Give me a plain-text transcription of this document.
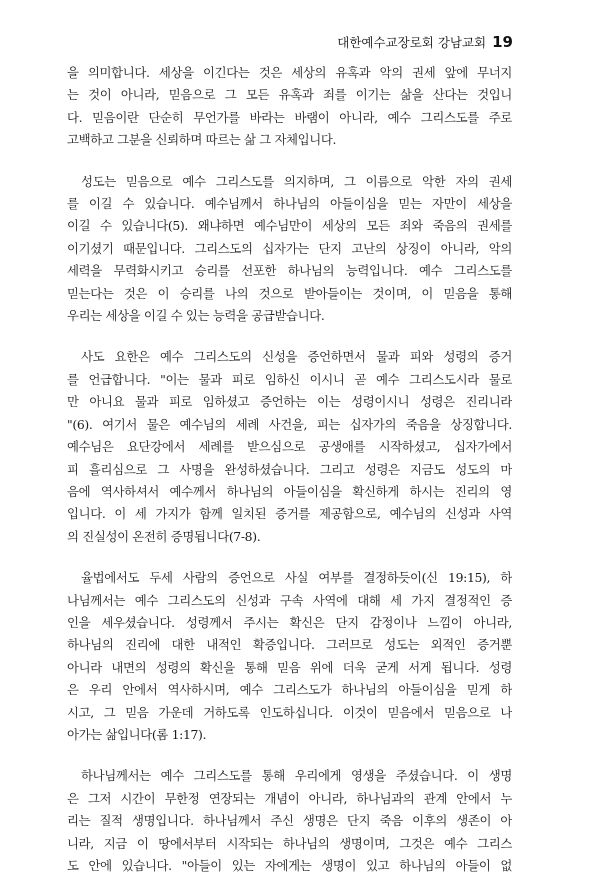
대한예수교장로회 강남교회 19
을 의미합니다. 세상을 이긴다는 것은 세상의 유혹과 악의 권세 앞에 무너지
는 것이 아니라, 믿음으로 그 모든 유혹과 죄를 이기는 삶을 산다는 것입니
다. 믿음이란 단순히 무언가를 바라는 바램이 아니라, 예수 그리스도를 주로
고백하고 그분을 신뢰하며 따르는 삶 그 자체입니다.
성도는 믿음으로 예수 그리스도를 의지하며, 그 이름으로 악한 자의 권세
를 이길 수 있습니다. 예수님께서 하나님의 아들이심을 믿는 자만이 세상을
이길 수 있습니다(5). 왜냐하면 예수님만이 세상의 모든 죄와 죽음의 권세를
이기셨기 때문입니다. 그리스도의 십자가는 단지 고난의 상징이 아니라, 악의
세력을 무력화시키고 승리를 선포한 하나님의 능력입니다. 예수 그리스도를
믿는다는 것은 이 승리를 나의 것으로 받아들이는 것이며, 이 믿음을 통해
우리는 세상을 이길 수 있는 능력을 공급받습니다.
사도 요한은 예수 그리스도의 신성을 증언하면서 물과 피와 성령의 증거
를 언급합니다. "이는 물과 피로 임하신 이시니 곧 예수 그리스도시라 물로
만 아니요 물과 피로 임하셨고 증언하는 이는 성령이시니 성령은 진리니라
"(6). 여기서 물은 예수님의 세례 사건을, 피는 십자가의 죽음을 상징합니다.
예수님은 요단강에서 세례를 받으심으로 공생애를 시작하셨고, 십자가에서
피 흘리심으로 그 사명을 완성하셨습니다. 그리고 성령은 지금도 성도의 마
음에 역사하셔서 예수께서 하나님의 아들이심을 확신하게 하시는 진리의 영
입니다. 이 세 가지가 함께 일치된 증거를 제공함으로, 예수님의 신성과 사역
의 진실성이 온전히 증명됩니다(7-8).
율법에서도 두세 사람의 증언으로 사실 여부를 결정하듯이(신 19:15), 하
나님께서는 예수 그리스도의 신성과 구속 사역에 대해 세 가지 결정적인 증
인을 세우셨습니다. 성령께서 주시는 확신은 단지 감정이나 느낌이 아니라,
하나님의 진리에 대한 내적인 확증입니다. 그러므로 성도는 외적인 증거뿐
아니라 내면의 성령의 확신을 통해 믿음 위에 더욱 굳게 서게 됩니다. 성령
은 우리 안에서 역사하시며, 예수 그리스도가 하나님의 아들이심을 믿게 하
시고, 그 믿음 가운데 거하도록 인도하십니다. 이것이 믿음에서 믿음으로 나
아가는 삶입니다(롬 1:17).
하나님께서는 예수 그리스도를 통해 우리에게 영생을 주셨습니다. 이 생명
은 그저 시간이 무한정 연장되는 개념이 아니라, 하나님과의 관계 안에서 누
리는 질적 생명입니다. 하나님께서 주신 생명은 단지 죽음 이후의 생존이 아
니라, 지금 이 땅에서부터 시작되는 하나님의 생명이며, 그것은 예수 그리스
도 안에 있습니다. "아들이 있는 자에게는 생명이 있고 하나님의 아들이 없
